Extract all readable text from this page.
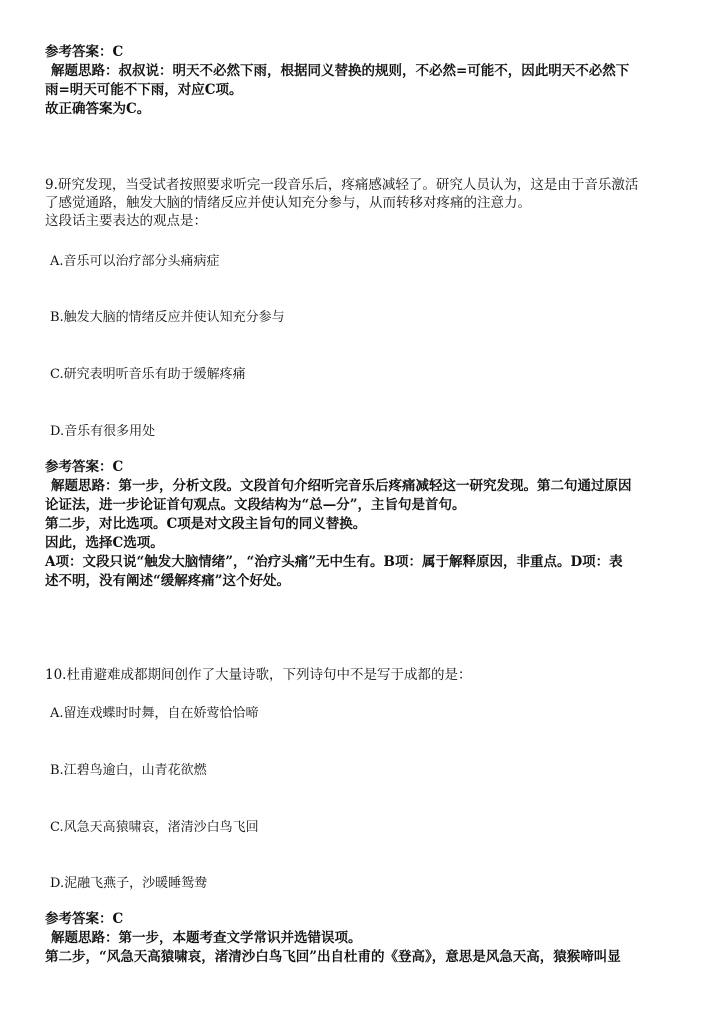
参考答案：C
解题思路：叔叔说：明天不必然下雨，根据同义替换的规则，不必然=可能不，因此明天不必然下
雨=明天可能不下雨，对应C项。
故正确答案为C。
9.研究发现，当受试者按照要求听完一段音乐后，疼痛感减轻了。研究人员认为，这是由于音乐激活
了感觉通路，触发大脑的情绪反应并使认知充分参与，从而转移对疼痛的注意力。
这段话主要表达的观点是：
A.音乐可以治疗部分头痛病症
B.触发大脑的情绪反应并使认知充分参与
C.研究表明听音乐有助于缓解疼痛
D.音乐有很多用处
参考答案：C
解题思路：第一步，分析文段。文段首句介绍听完音乐后疼痛减轻这一研究发现。第二句通过原因
论证法，进一步论证首句观点。文段结构为“总—分”，主旨句是首句。
第二步，对比选项。C项是对文段主旨句的同义替换。
因此，选择C选项。
A项：文段只说“触发大脑情绪”，“治疗头痛”无中生有。B项：属于解释原因，非重点。D项：表
述不明，没有阐述“缓解疼痛”这个好处。
10.杜甫避难成都期间创作了大量诗歌，下列诗句中不是写于成都的是：
A.留连戏蝶时时舞，自在娇莺恰恰啼
B.江碧鸟逾白，山青花欲燃
C.风急天高猿啸哀，渚清沙白鸟飞回
D.泥融飞燕子，沙暖睡鸳鸯
参考答案：C
解题思路：第一步，本题考查文学常识并选错误项。
第二步，“风急天高猿啸哀，渚清沙白鸟飞回”出自杜甫的《登高》，意思是风急天高，猿猴啼叫显
